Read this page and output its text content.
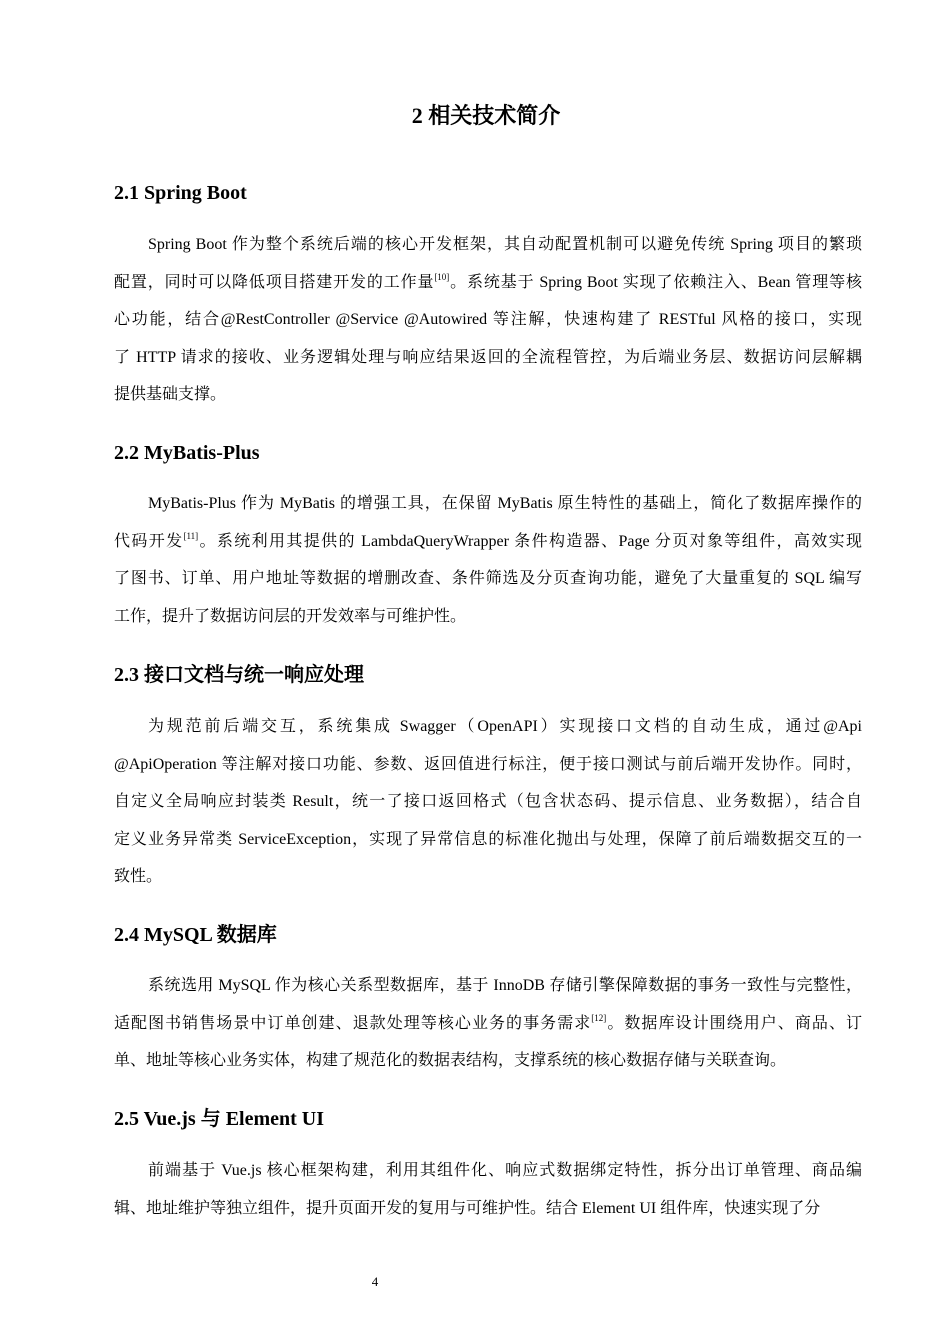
2 相关技术简介
2.1 Spring Boot
Spring Boot 作为整个系统后端的核心开发框架，其自动配置机制可以避免传统 Spring 项目的繁琐
配置，同时可以降低项目搭建开发的工作量[10]。系统基于 Spring Boot 实现了依赖注入、Bean 管理等核
心功能，结合@RestController @Service @Autowired 等注解，快速构建了 RESTful 风格的接口，实现
了 HTTP 请求的接收、业务逻辑处理与响应结果返回的全流程管控，为后端业务层、数据访问层解耦
提供基础支撑。
2.2 MyBatis-Plus
MyBatis-Plus 作为 MyBatis 的增强工具，在保留 MyBatis 原生特性的基础上，简化了数据库操作的
代码开发[11]。系统利用其提供的 LambdaQueryWrapper 条件构造器、Page 分页对象等组件，高效实现
了图书、订单、用户地址等数据的增删改查、条件筛选及分页查询功能，避免了大量重复的 SQL 编写
工作，提升了数据访问层的开发效率与可维护性。
2.3 接口文档与统一响应处理
为规范前后端交互，系统集成 Swagger（OpenAPI）实现接口文档的自动生成，通过@Api
@ApiOperation 等注解对接口功能、参数、返回值进行标注，便于接口测试与前后端开发协作。同时，
自定义全局响应封装类 Result，统一了接口返回格式（包含状态码、提示信息、业务数据），结合自
定义业务异常类 ServiceException，实现了异常信息的标准化抛出与处理，保障了前后端数据交互的一
致性。
2.4 MySQL 数据库
系统选用 MySQL 作为核心关系型数据库，基于 InnoDB 存储引擎保障数据的事务一致性与完整性，
适配图书销售场景中订单创建、退款处理等核心业务的事务需求[12]。数据库设计围绕用户、商品、订
单、地址等核心业务实体，构建了规范化的数据表结构，支撑系统的核心数据存储与关联查询。
2.5 Vue.js 与 Element UI
前端基于 Vue.js 核心框架构建，利用其组件化、响应式数据绑定特性，拆分出订单管理、商品编
辑、地址维护等独立组件，提升页面开发的复用与可维护性。结合 Element UI 组件库，快速实现了分
4
